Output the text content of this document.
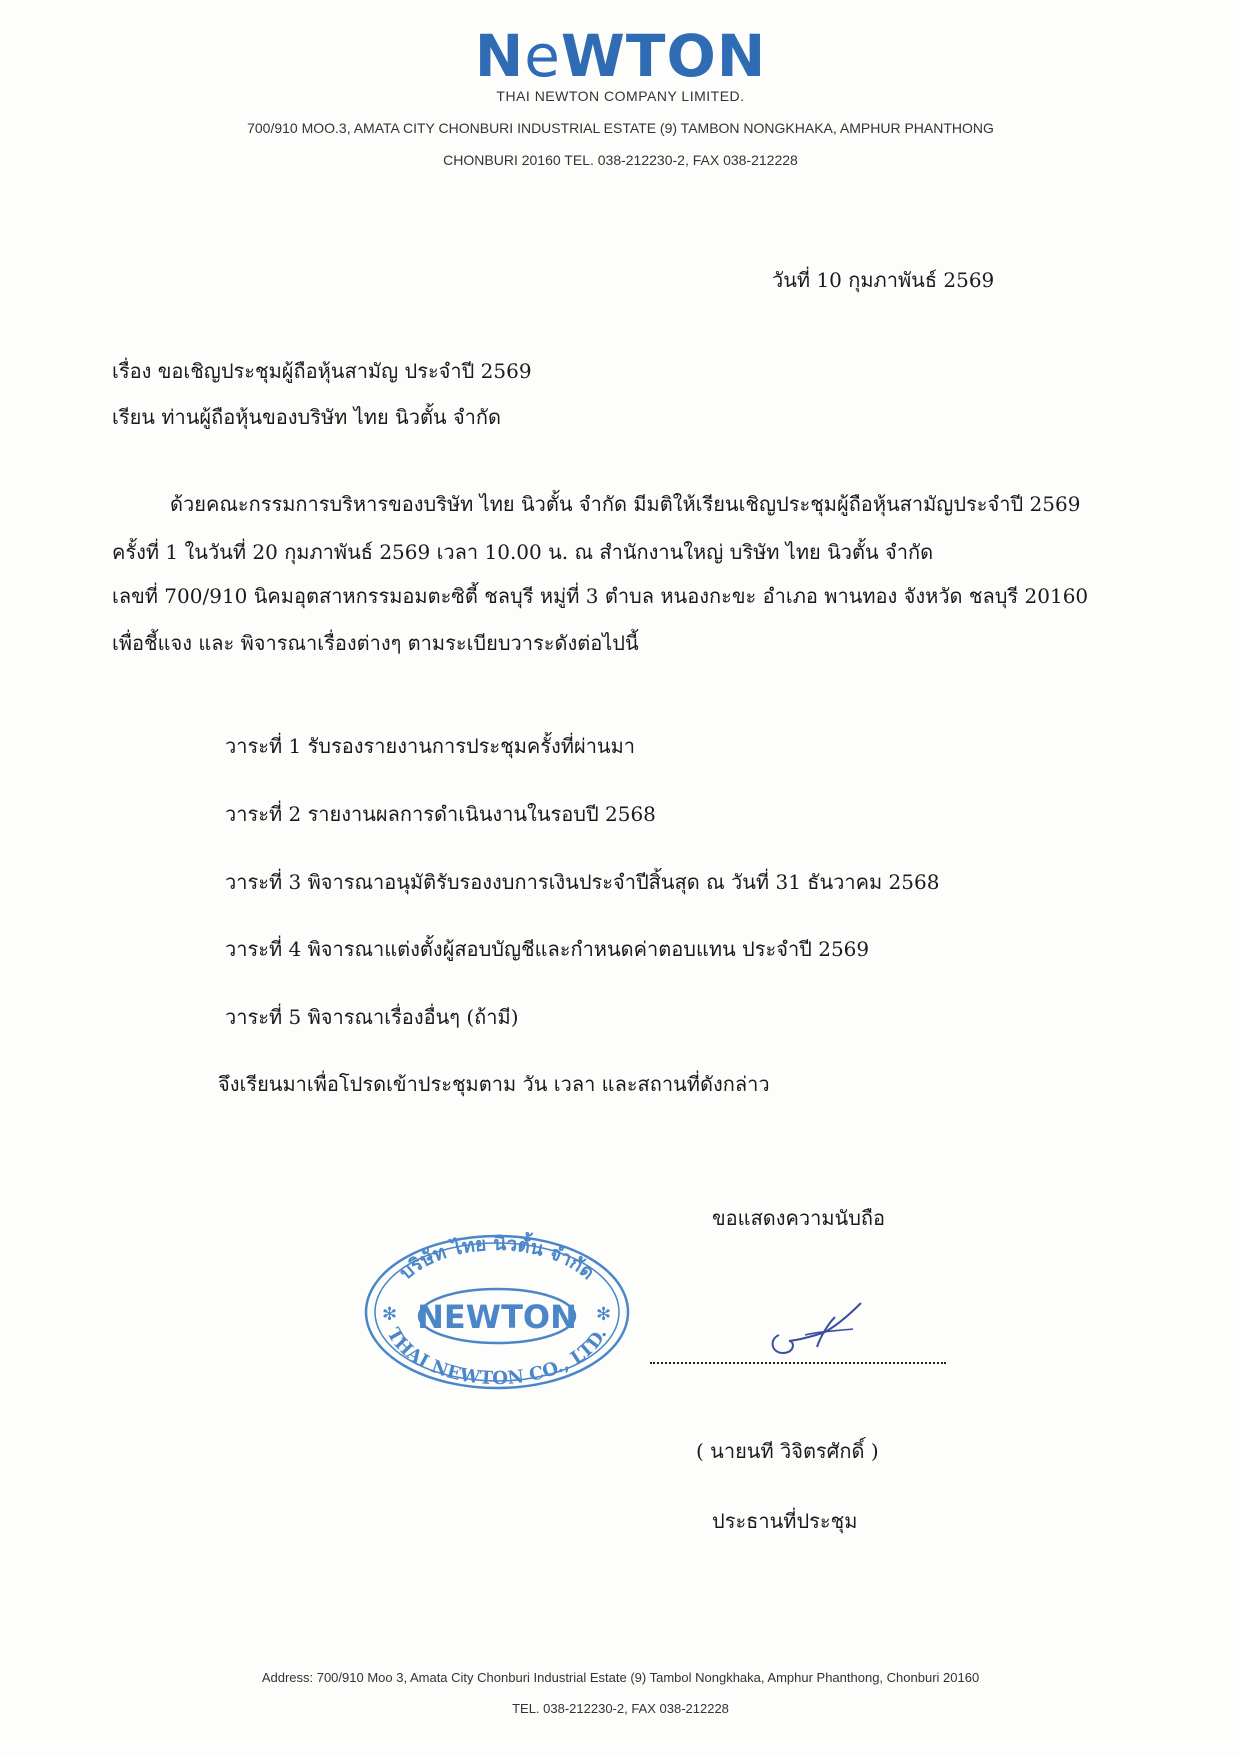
NeWTON
THAI NEWTON COMPANY LIMITED.
700/910 MOO.3, AMATA CITY CHONBURI INDUSTRIAL ESTATE (9) TAMBON NONGKHAKA, AMPHUR PHANTHONG
CHONBURI 20160 TEL. 038-212230-2, FAX 038-212228
วันที่ 10 กุมภาพันธ์ 2569
เรื่อง ขอเชิญประชุมผู้ถือหุ้นสามัญ ประจำปี 2569
เรียน ท่านผู้ถือหุ้นของบริษัท ไทย นิวตั้น จำกัด
ด้วยคณะกรรมการบริหารของบริษัท ไทย นิวตั้น จำกัด มีมติให้เรียนเชิญประชุมผู้ถือหุ้นสามัญประจำปี 2569
ครั้งที่ 1 ในวันที่ 20 กุมภาพันธ์ 2569 เวลา 10.00 น. ณ สำนักงานใหญ่ บริษัท ไทย นิวตั้น จำกัด
เลขที่ 700/910 นิคมอุตสาหกรรมอมตะซิตี้ ชลบุรี หมู่ที่ 3 ตำบล หนองกะขะ อำเภอ พานทอง จังหวัด ชลบุรี 20160
เพื่อชี้แจง และ พิจารณาเรื่องต่างๆ ตามระเบียบวาระดังต่อไปนี้
วาระที่ 1 รับรองรายงานการประชุมครั้งที่ผ่านมา
วาระที่ 2 รายงานผลการดำเนินงานในรอบปี 2568
วาระที่ 3 พิจารณาอนุมัติรับรองงบการเงินประจำปีสิ้นสุด ณ วันที่ 31 ธันวาคม 2568
วาระที่ 4 พิจารณาแต่งตั้งผู้สอบบัญชีและกำหนดค่าตอบแทน ประจำปี 2569
วาระที่ 5 พิจารณาเรื่องอื่นๆ (ถ้ามี)
จึงเรียนมาเพื่อโปรดเข้าประชุมตาม วัน เวลา และสถานที่ดังกล่าว
ขอแสดงความนับถือ
บริษัท ไทย นิวตั้น จำกัด
NEWTON
THAI NEWTON CO., LTD.
✻	✻
( นายนที วิจิตรศักดิ์ )
ประธานที่ประชุม
Address: 700/910 Moo 3, Amata City Chonburi Industrial Estate (9) Tambol Nongkhaka, Amphur Phanthong, Chonburi 20160
TEL. 038-212230-2, FAX 038-212228
